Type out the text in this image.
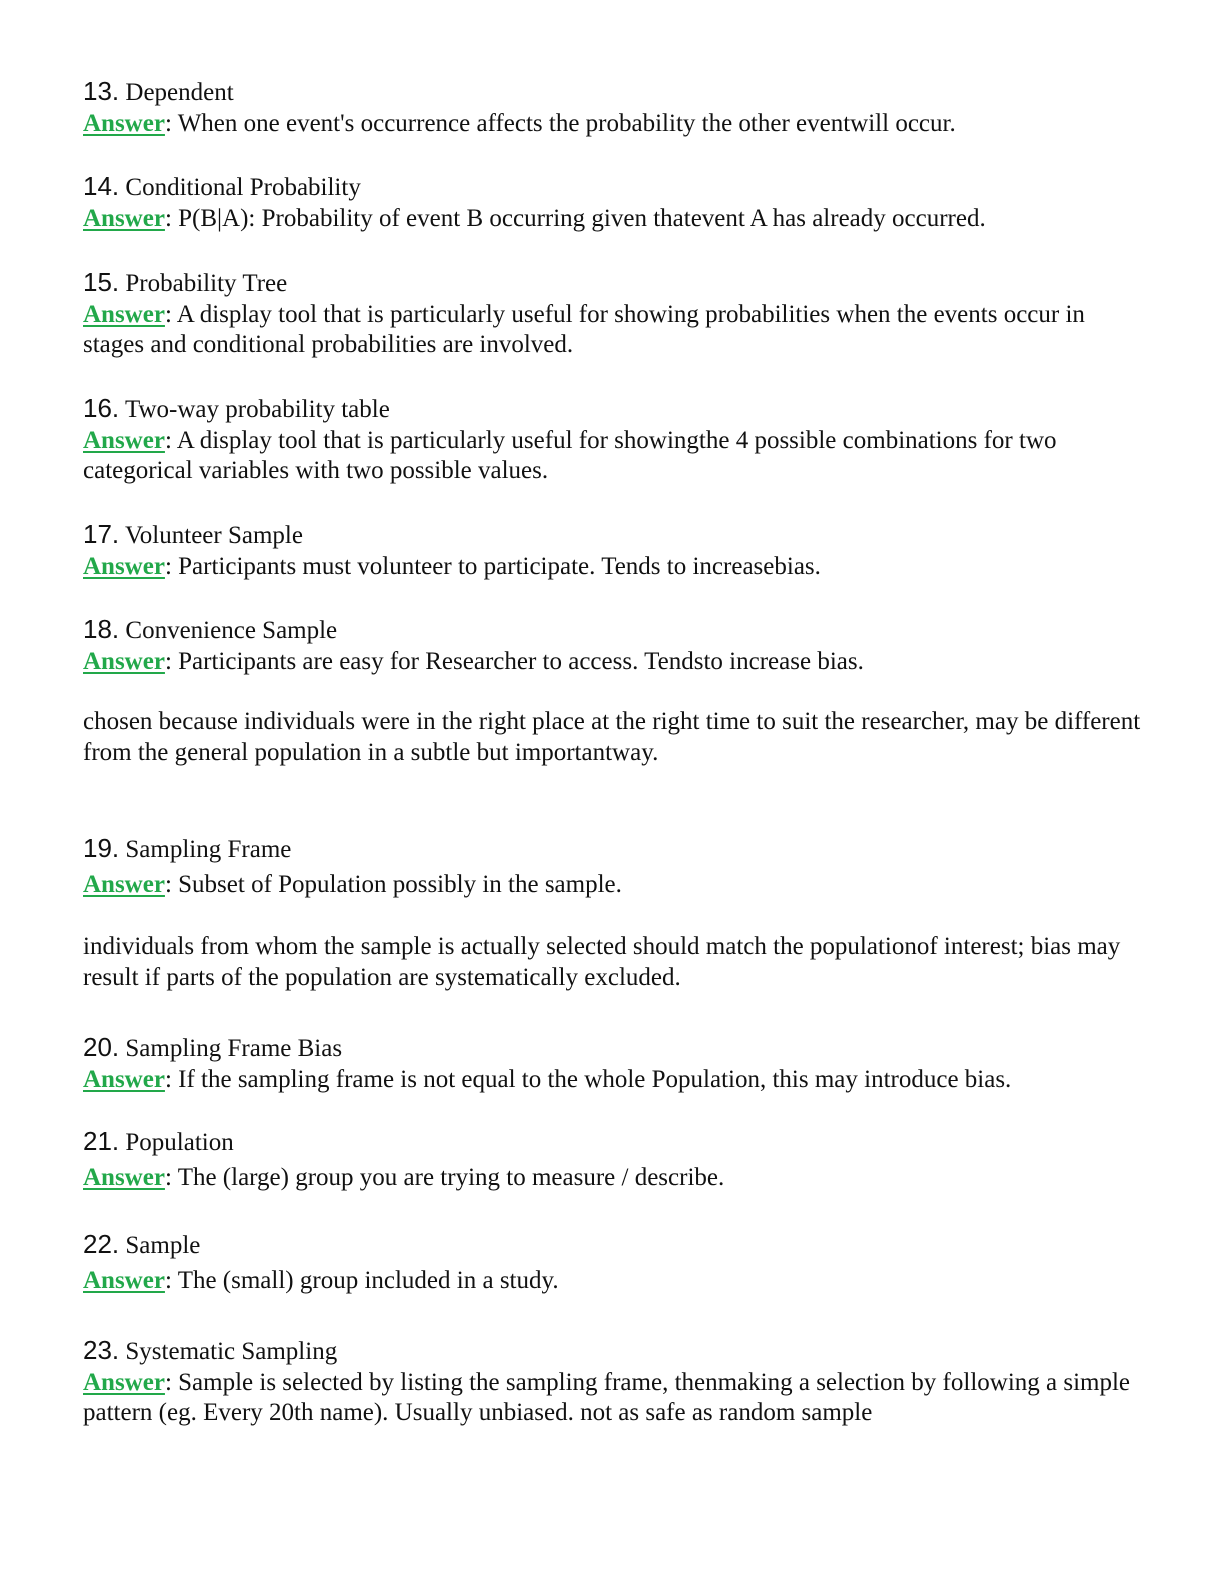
13. Dependent
Answer: When one event's occurrence affects the probability the other eventwill occur.
14. Conditional Probability
Answer: P(B|A): Probability of event B occurring given thatevent A has already occurred.
15. Probability Tree
Answer: A display tool that is particularly useful for showing probabilities when the events occur in stages and conditional probabilities are involved.
16. Two-way probability table
Answer: A display tool that is particularly useful for showingthe 4 possible combinations for two categorical variables with two possible values.
17. Volunteer Sample
Answer: Participants must volunteer to participate. Tends to increasebias.
18. Convenience Sample
Answer: Participants are easy for Researcher to access. Tendsto increase bias.
chosen because individuals were in the right place at the right time to suit the researcher, may be different from the general population in a subtle but importantway.
19. Sampling Frame
Answer: Subset of Population possibly in the sample.
individuals from whom the sample is actually selected should match the populationof interest; bias may result if parts of the population are systematically excluded.
20. Sampling Frame Bias
Answer: If the sampling frame is not equal to the whole Population, this may introduce bias.
21. Population
Answer: The (large) group you are trying to measure / describe.
22. Sample
Answer: The (small) group included in a study.
23. Systematic Sampling
Answer: Sample is selected by listing the sampling frame, thenmaking a selection by following a simple pattern (eg. Every 20th name). Usually unbiased. not as safe as random sample
